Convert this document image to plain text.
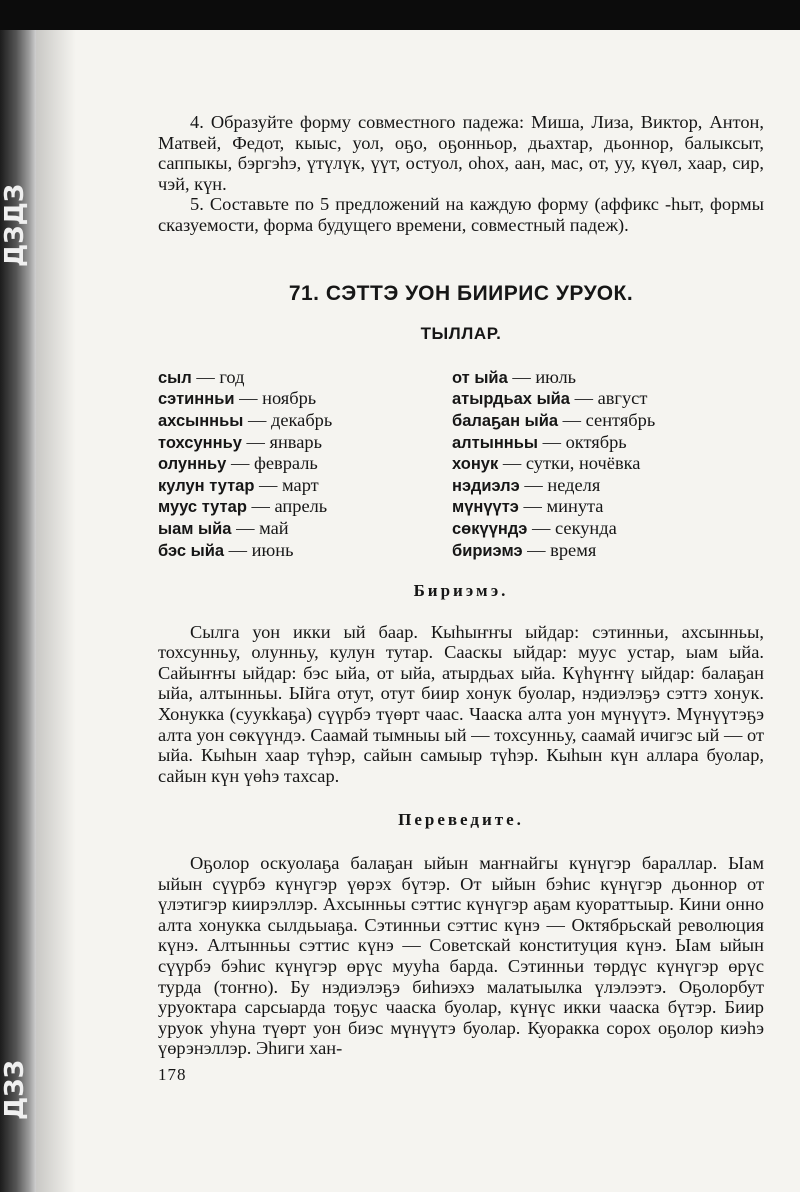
ДЗДЗ
ДЗЗ

4. Образуйте форму совместного падежа: Миша, Лиза, Виктор, Антон, Матвей, Федот, кыыс, уол, оҕо, оҕонньор, дьахтар, дьоннор, балыксыт, саппыкы, бэргэһэ, үтүлүк, үүт, остуол, оһох, аан, мас, от, уу, күөл, хаар, сир, чэй, күн.

5. Составьте по 5 предложений на каждую форму (аффикс -һыт, формы сказуемости, форма будущего времени, совместный падеж).

71. СЭТТЭ УОН БИИРИС УРУОК.
ТЫЛЛАР.
сыл — год
сэтинньи — ноябрь
ахсынньы — декабрь
тохсунньу — январь
олунньу — февраль
кулун тутар — март
муус тутар — апрель
ыам ыйа — май
бэс ыйа — июнь
от ыйа — июль
атырдьах ыйа — август
балаҕан ыйа — сентябрь
алтынньы — октябрь
хонук — сутки, ночёвка
нэдиэлэ — неделя
мүнүүтэ — минута
сөкүүндэ — секунда
бириэмэ — время
Бириэмэ.

Сылга уон икки ый баар. Кыһыҥҥы ыйдар: сэтинньи, ахсынньы, тохсунньу, олунньу, кулун тутар. Сааскы ыйдар: муус устар, ыам ыйа. Сайыҥҥы ыйдар: бэс ыйа, от ыйа, атырдьах ыйа. Күһүҥҥү ыйдар: балаҕан ыйа, алтынньы. Ыйга отут, отут биир хонук буолар, нэдиэлэҕэ сэттэ хонук. Хонукка (суукkaҕа) сүүрбэ түөрт чаас. Чааска алта уон мүнүүтэ. Мүнүүтэҕэ алта уон сөкүүндэ. Саамай тымныы ый — тохсунньу, саамай ичигэс ый — от ыйа. Кыһын хаар түһэр, сайын самыыр түһэр. Кыһын күн аллара буолар, сайын күн үөһэ тахсар.

Переведите.

Оҕолор оскуолаҕа балаҕан ыйын маҥнайгы күнүгэр бараллар. Ыам ыйын сүүрбэ күнүгэр үөрэх бүтэр. От ыйын бэһис күнүгэр дьоннор от үлэтигэр киирэллэр. Ахсынньы сэттис күнүгэр аҕам куораттыыр. Кини онно алта хонукка сылдьыаҕа. Сэтинньи сэттис күнэ — Октябрьскай революция күнэ. Алтынньы сэттис күнэ — Советскай конституция күнэ. Ыам ыйын сүүрбэ бэһис күнүгэр өрүс мууһа барда. Сэтинньи төрдүс күнүгэр өрүс турда (тоҥно). Бу нэдиэлэҕэ биһиэхэ малатыылка үлэлээтэ. Оҕолорбут уруоктара сарсыарда тоҕус чааска буолар, күнүс икки чааска бүтэр. Биир уруок уһуна түөрт уон биэс мүнүүтэ буолар. Куоракка сорох оҕолор киэһэ үөрэнэллэр. Эһиги хан-

178
